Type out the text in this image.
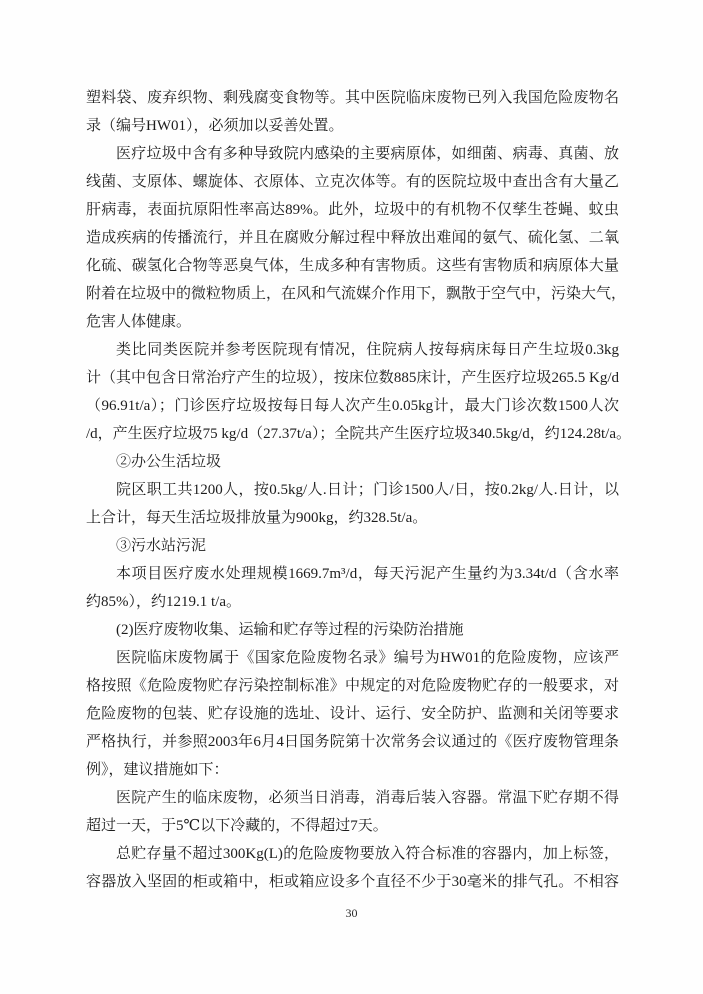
塑料袋、废弃织物、剩残腐变食物等。其中医院临床废物已列入我国危险废物名
录（编号HW01），必须加以妥善处置。
医疗垃圾中含有多种导致院内感染的主要病原体，如细菌、病毒、真菌、放
线菌、支原体、螺旋体、衣原体、立克次体等。有的医院垃圾中查出含有大量乙
肝病毒，表面抗原阳性率高达89%。此外，垃圾中的有机物不仅孳生苍蝇、蚊虫
造成疾病的传播流行，并且在腐败分解过程中释放出难闻的氨气、硫化氢、二氧
化硫、碳氢化合物等恶臭气体，生成多种有害物质。这些有害物质和病原体大量
附着在垃圾中的微粒物质上，在风和气流媒介作用下，飘散于空气中，污染大气，
危害人体健康。
类比同类医院并参考医院现有情况，住院病人按每病床每日产生垃圾0.3kg
计（其中包含日常治疗产生的垃圾），按床位数885床计，产生医疗垃圾265.5 Kg/d
（96.91t/a）；门诊医疗垃圾按每日每人次产生0.05kg计，最大门诊次数1500人次
/d，产生医疗垃圾75 kg/d（27.37t/a）；全院共产生医疗垃圾340.5kg/d，约124.28t/a。
②办公生活垃圾
院区职工共1200人，按0.5kg/人.日计；门诊1500人/日，按0.2kg/人.日计，以
上合计，每天生活垃圾排放量为900kg，约328.5t/a。
③污水站污泥
本项目医疗废水处理规模1669.7m³/d，每天污泥产生量约为3.34t/d（含水率
约85%），约1219.1 t/a。
(2)医疗废物收集、运输和贮存等过程的污染防治措施
医院临床废物属于《国家危险废物名录》编号为HW01的危险废物，应该严
格按照《危险废物贮存污染控制标准》中规定的对危险废物贮存的一般要求，对
危险废物的包装、贮存设施的选址、设计、运行、安全防护、监测和关闭等要求
严格执行，并参照2003年6月4日国务院第十次常务会议通过的《医疗废物管理条
例》，建议措施如下：
医院产生的临床废物，必须当日消毒，消毒后装入容器。常温下贮存期不得
超过一天，于5℃以下冷藏的，不得超过7天。
总贮存量不超过300Kg(L)的危险废物要放入符合标准的容器内，加上标签，
容器放入坚固的柜或箱中，柜或箱应设多个直径不少于30毫米的排气孔。不相容
30
